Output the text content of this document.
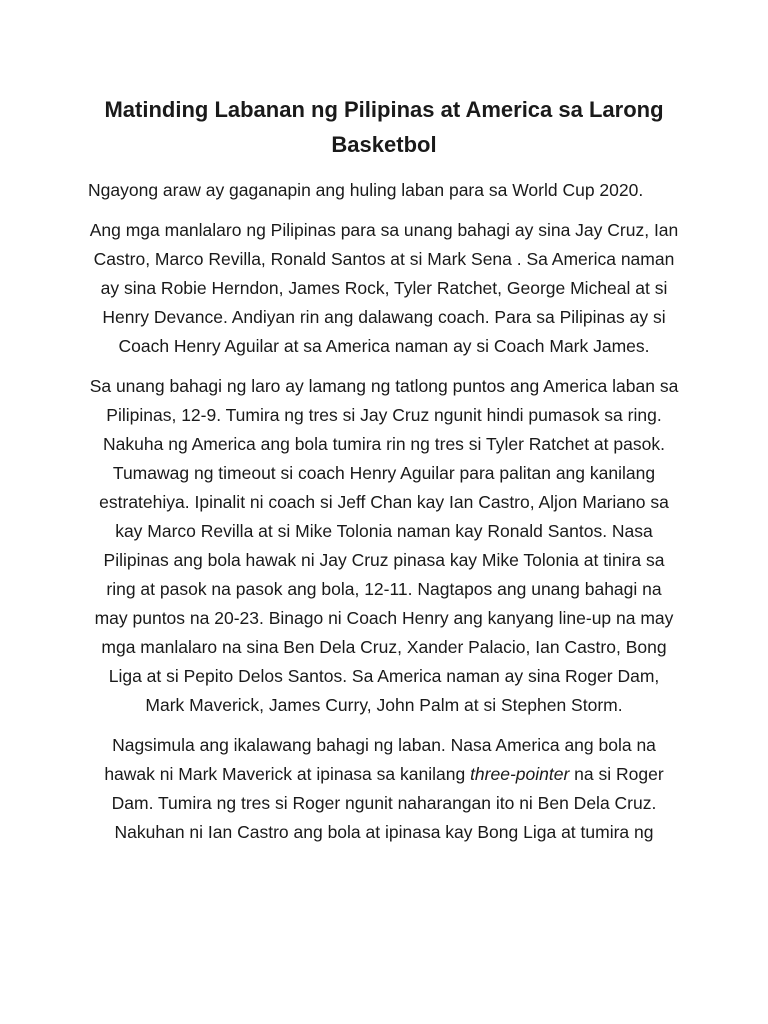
Matinding Labanan ng Pilipinas at America sa Larong Basketbol

Ngayong araw ay gaganapin ang huling laban para sa World Cup 2020.

Ang mga manlalaro ng Pilipinas para sa unang bahagi ay sina Jay Cruz, Ian Castro, Marco Revilla, Ronald Santos at si Mark Sena . Sa America naman ay sina Robie Herndon, James Rock, Tyler Ratchet, George Micheal at si Henry Devance. Andiyan rin ang dalawang coach. Para sa Pilipinas ay si Coach Henry Aguilar at sa America naman ay si Coach Mark James.

Sa unang bahagi ng laro ay lamang ng tatlong puntos ang America laban sa Pilipinas, 12-9. Tumira ng tres si Jay Cruz ngunit hindi pumasok sa ring. Nakuha ng America ang bola tumira rin ng tres si Tyler Ratchet at pasok. Tumawag ng timeout si coach Henry Aguilar para palitan ang kanilang estratehiya. Ipinalit ni coach si Jeff Chan kay Ian Castro, Aljon Mariano sa kay Marco Revilla at si Mike Tolonia naman kay Ronald Santos. Nasa Pilipinas ang bola hawak ni Jay Cruz pinasa kay Mike Tolonia at tinira sa ring at pasok na pasok ang bola, 12-11. Nagtapos ang unang bahagi na may puntos na 20-23. Binago ni Coach Henry ang kanyang line-up na may mga manlalaro na sina Ben Dela Cruz, Xander Palacio, Ian Castro, Bong Liga at si Pepito Delos Santos. Sa America naman ay sina Roger Dam, Mark Maverick, James Curry, John Palm at si Stephen Storm.

Nagsimula ang ikalawang bahagi ng laban. Nasa America ang bola na hawak ni Mark Maverick at ipinasa sa kanilang three-pointer na si Roger Dam. Tumira ng tres si Roger ngunit naharangan ito ni Ben Dela Cruz. Nakuhan ni Ian Castro ang bola at ipinasa kay Bong Liga at tumira ng
